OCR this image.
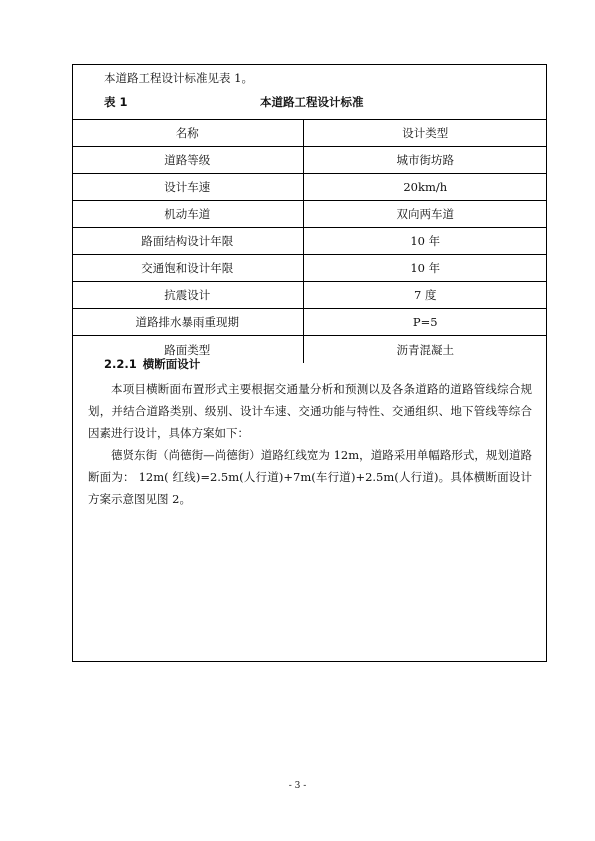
本道路工程设计标准见表 1。
表 1	本道路工程设计标准
名称	设计类型
道路等级	城市街坊路
设计车速	20km/h
机动车道	双向两车道
路面结构设计年限	10 年
交通饱和设计年限	10 年
抗震设计	7 度
道路排水暴雨重现期	P=5
路面类型	沥青混凝土
2.2.1 横断面设计

本项目横断面布置形式主要根据交通量分析和预测以及各条道路的道路管线综合规划，并结合道路类别、级别、设计车速、交通功能与特性、交通组织、地下管线等综合因素进行设计，具体方案如下：

德贤东街（尚德街—尚德街）道路红线宽为 12m，道路采用单幅路形式，规划道路断面为： 12m( 红线)=2.5m(人行道)+7m(车行道)+2.5m(人行道)。具体横断面设计方案示意图见图 2。

- 3 -
